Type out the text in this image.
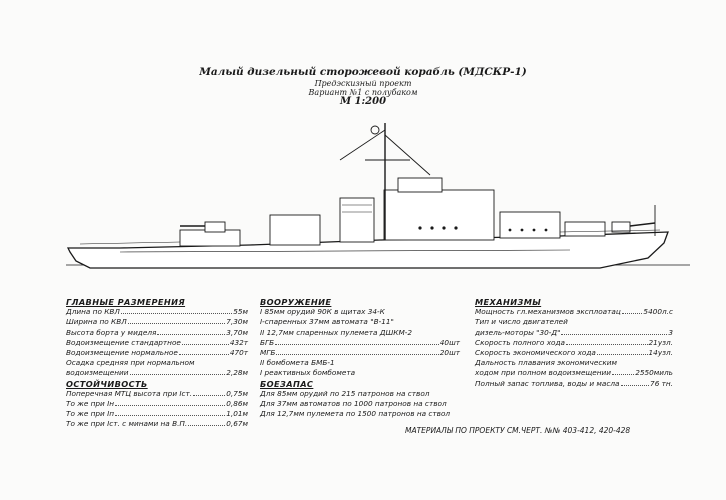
Малый дизельный сторожевой корабль (МДСКР-1)
Предэскизный проект
Вариант №1 с полубаком
М 1:200
ГЛАВНЫЕ РАЗМЕРЕНИЯ
Длина по КВЛ	55м
Ширина по КВЛ	7,30м
Высота борта у миделя	3,70м
Водоизмещение стандартное	432т
Водоизмещение нормальное	470т
Осадка средняя при нормальном
водоизмещении	2,28м
ОСТОЙЧИВОСТЬ
Поперечная МТЦ высота при Iст.	0,75м
То же при Iн	0,86м
То же при Iп	1,01м
То же при Iст. с минами на В.П.	0,67м
ВООРУЖЕНИЕ
I 85мм орудий 90К в щитах 34-К
I-спаренных 37мм автомата "В-11"
II 12,7мм спаренных пулемета ДШКМ-2
БГБ	40шт
МГБ	20шт
II бомбомета БМБ-1
I реактивных бомбомета
БОЕЗАПАС
Для 85мм орудий по 215 патронов на ствол
Для 37мм автоматов по 1000 патронов на ствол
Для 12,7мм пулемета по 1500 патронов на ствол
МЕХАНИЗМЫ
Мощность гл.механизмов эксплоатац	5400л.с
Тип и число двигателей
дизель-моторы "30-Д"	3
Скорость полного хода	21узл.
Скорость экономического хода	14узл.
Дальность плавания экономическим
ходом при полном водоизмещении	2550миль
Полный запас топлива, воды и масла	76 тн.
МАТЕРИАЛЫ ПО ПРОЕКТУ СМ.ЧЕРТ. №№ 403-412, 420-428
